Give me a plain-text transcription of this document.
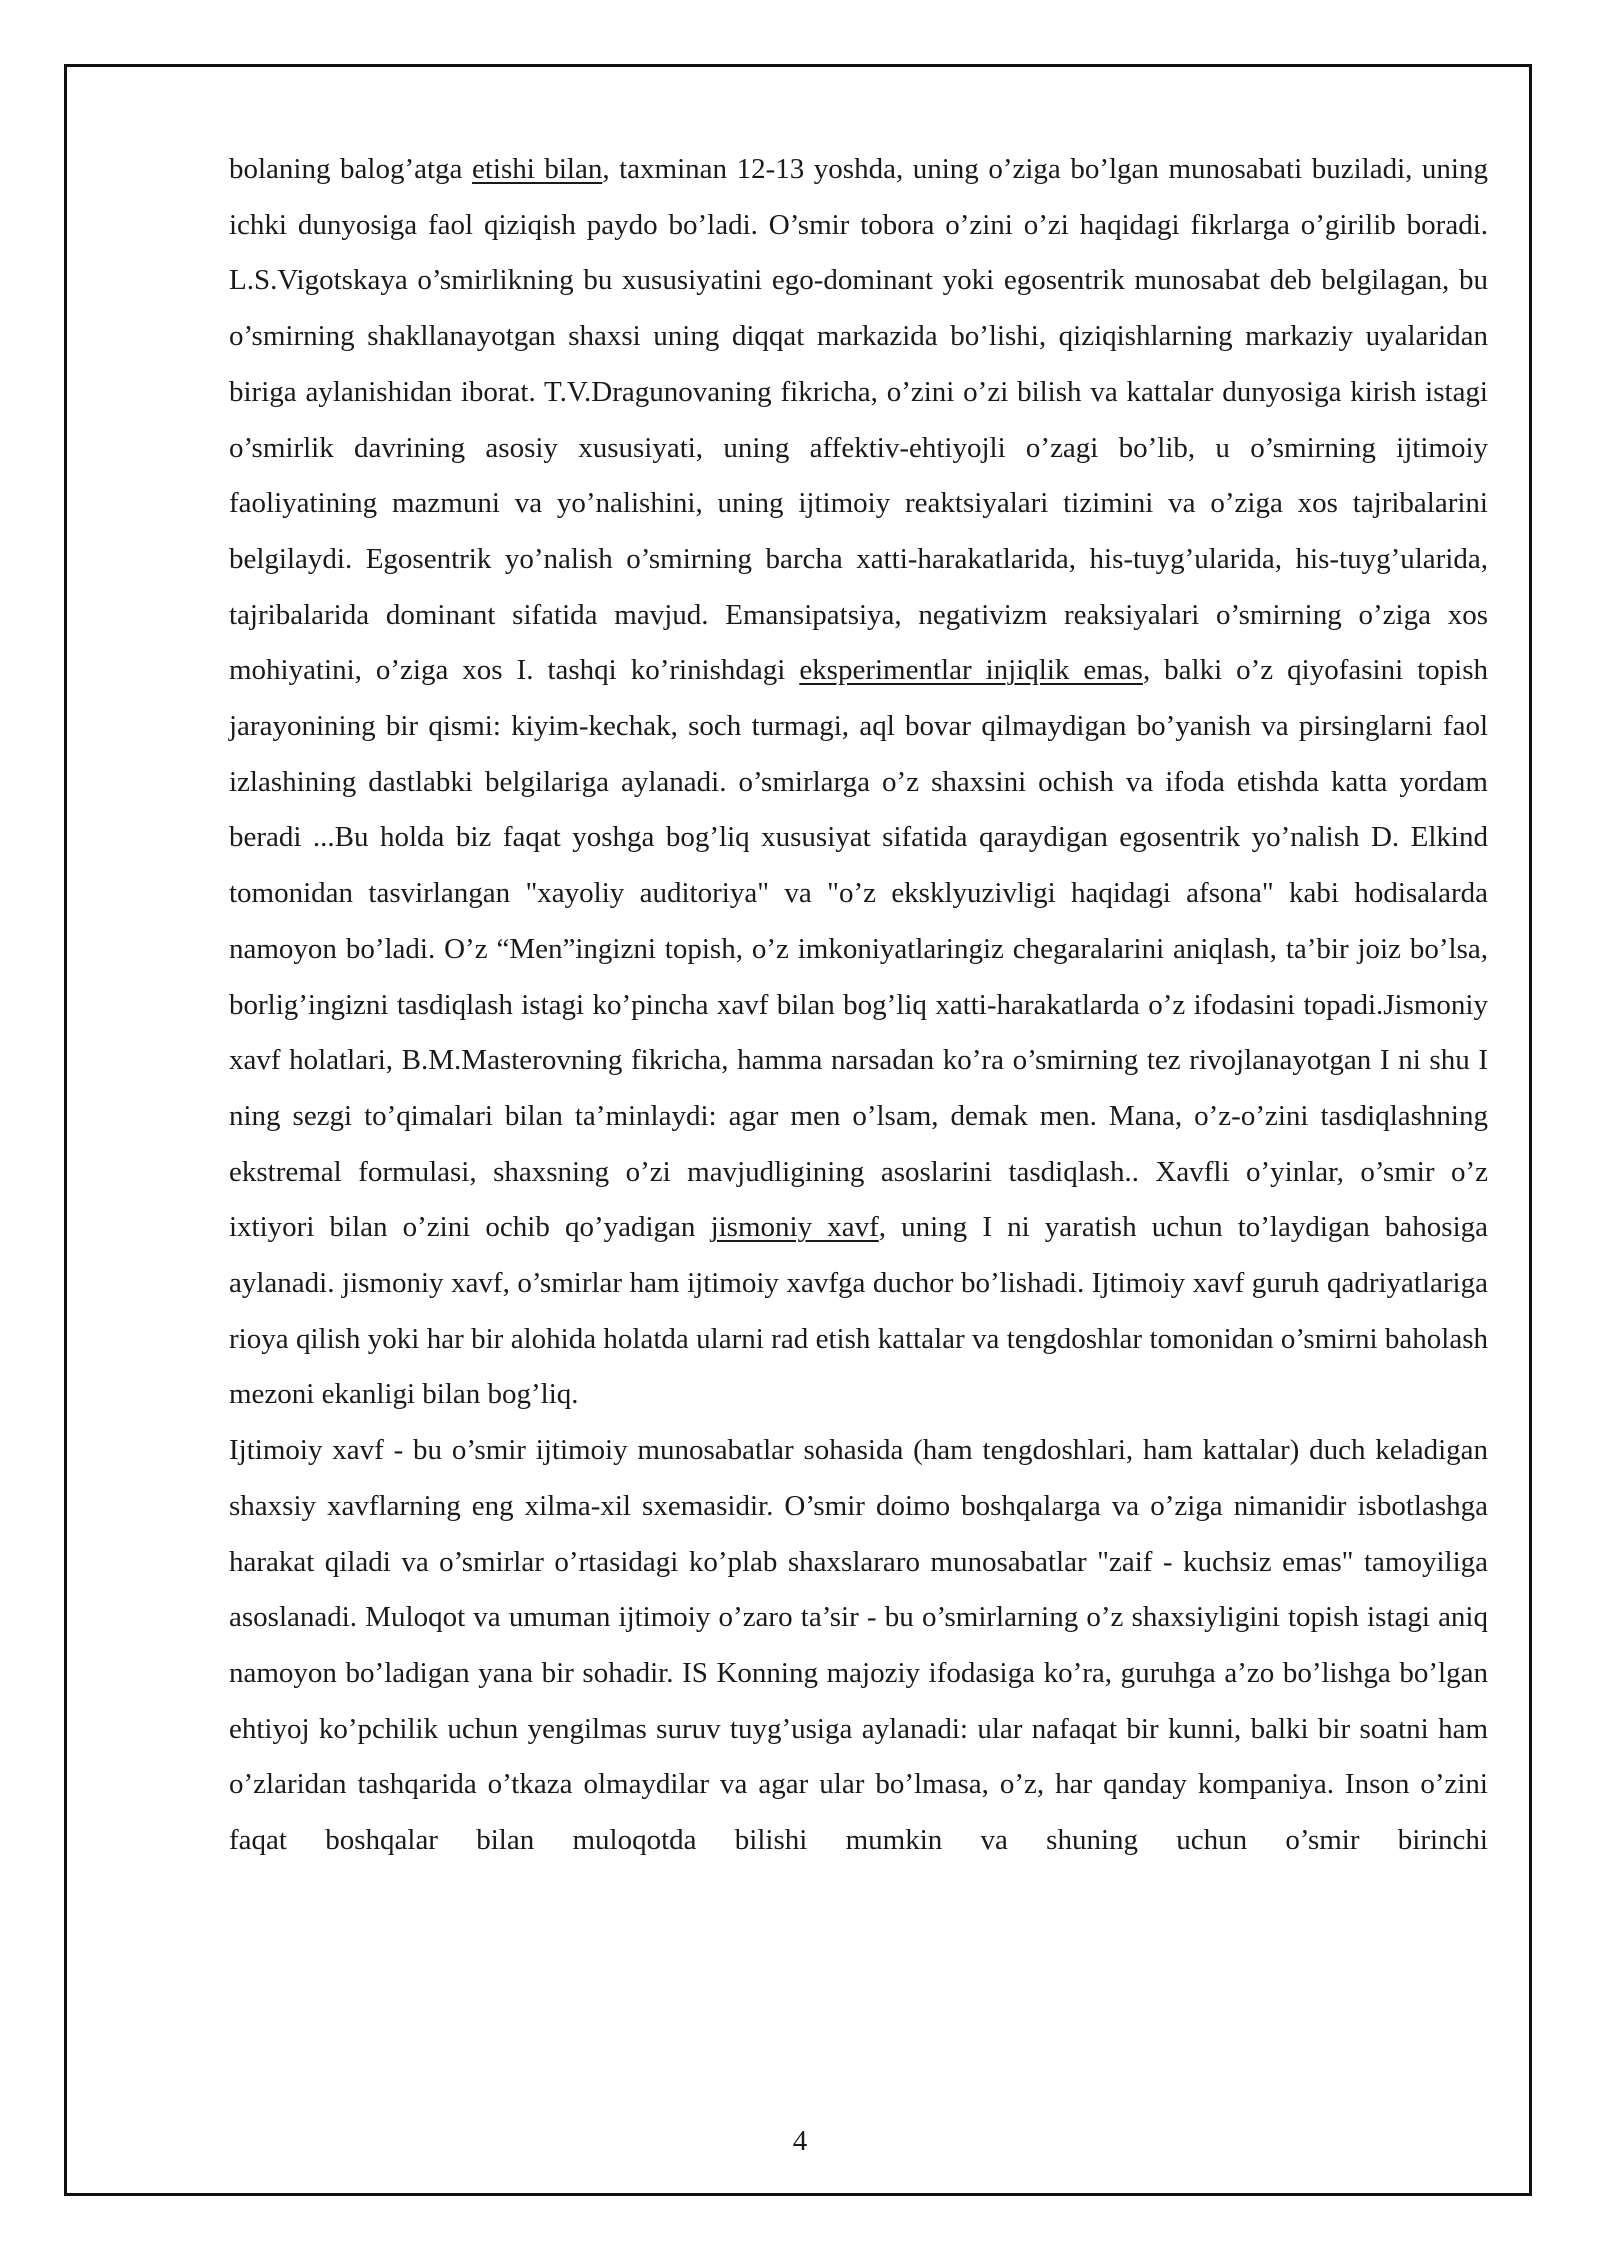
bolaning balog’atga etishi bilan, taxminan 12-13 yoshda, uning o’ziga bo’lgan munosabati buziladi, uning ichki dunyosiga faol qiziqish paydo bo’ladi. O’smir tobora o’zini o’zi haqidagi fikrlarga o’girilib boradi. L.S.Vigotskaya o’smirlikning bu xususiyatini ego-dominant yoki egosentrik munosabat deb belgilagan, bu o’smirning shakllanayotgan shaxsi uning diqqat markazida bo’lishi, qiziqishlarning markaziy uyalaridan biriga aylanishidan iborat. T.V.Dragunovaning fikricha, o’zini o’zi bilish va kattalar dunyosiga kirish istagi o’smirlik davrining asosiy xususiyati, uning affektiv-ehtiyojli o’zagi bo’lib, u o’smirning ijtimoiy faoliyatining mazmuni va yo’nalishini, uning ijtimoiy reaktsiyalari tizimini va o’ziga xos tajribalarini belgilaydi. Egosentrik yo’nalish o’smirning barcha xatti-harakatlarida, his-tuyg’ularida, his-tuyg’ularida, tajribalarida dominant sifatida mavjud. Emansipatsiya, negativizm reaksiyalari o’smirning o’ziga xos mohiyatini, o’ziga xos I. tashqi ko’rinishdagi eksperimentlar injiqlik emas, balki o’z qiyofasini topish jarayonining bir qismi: kiyim-kechak, soch turmagi, aql bovar qilmaydigan bo’yanish va pirsinglarni faol izlashining dastlabki belgilariga aylanadi. o’smirlarga o’z shaxsini ochish va ifoda etishda katta yordam beradi ...Bu holda biz faqat yoshga bog’liq xususiyat sifatida qaraydigan egosentrik yo’nalish D. Elkind tomonidan tasvirlangan "xayoliy auditoriya" va "o’z eksklyuzivligi haqidagi afsona" kabi hodisalarda namoyon bo’ladi. O’z “Men”ingizni topish, o’z imkoniyatlaringiz chegaralarini aniqlash, ta’bir joiz bo’lsa, borlig’ingizni tasdiqlash istagi ko’pincha xavf bilan bog’liq xatti-harakatlarda o’z ifodasini topadi.Jismoniy xavf holatlari, B.M.Masterovning fikricha, hamma narsadan ko’ra o’smirning tez rivojlanayotgan I ni shu I ning sezgi to’qimalari bilan ta’minlaydi: agar men o’lsam, demak men. Mana, o’z-o’zini tasdiqlashning ekstremal formulasi, shaxsning o’zi mavjudligining asoslarini tasdiqlash.. Xavfli o’yinlar, o’smir o’z ixtiyori bilan o’zini ochib qo’yadigan jismoniy xavf, uning I ni yaratish uchun to’laydigan bahosiga aylanadi. jismoniy xavf, o’smirlar ham ijtimoiy xavfga duchor bo’lishadi. Ijtimoiy xavf guruh qadriyatlariga rioya qilish yoki har bir alohida holatda ularni rad etish kattalar va tengdoshlar tomonidan o’smirni baholash mezoni ekanligi bilan bog’liq.

Ijtimoiy xavf - bu o’smir ijtimoiy munosabatlar sohasida (ham tengdoshlari, ham kattalar) duch keladigan shaxsiy xavflarning eng xilma-xil sxemasidir. O’smir doimo boshqalarga va o’ziga nimanidir isbotlashga harakat qiladi va o’smirlar o’rtasidagi ko’plab shaxslararo munosabatlar "zaif - kuchsiz emas" tamoyiliga asoslanadi. Muloqot va umuman ijtimoiy o’zaro ta’sir - bu o’smirlarning o’z shaxsiyligini topish istagi aniq namoyon bo’ladigan yana bir sohadir. IS Konning majoziy ifodasiga ko’ra, guruhga a’zo bo’lishga bo’lgan ehtiyoj ko’pchilik uchun yengilmas suruv tuyg’usiga aylanadi: ular nafaqat bir kunni, balki bir soatni ham o’zlaridan tashqarida o’tkaza olmaydilar va agar ular bo’lmasa, o’z, har qanday kompaniya. Inson o’zini faqat boshqalar bilan muloqotda bilishi mumkin va shuning uchun o’smir birinchi

4
